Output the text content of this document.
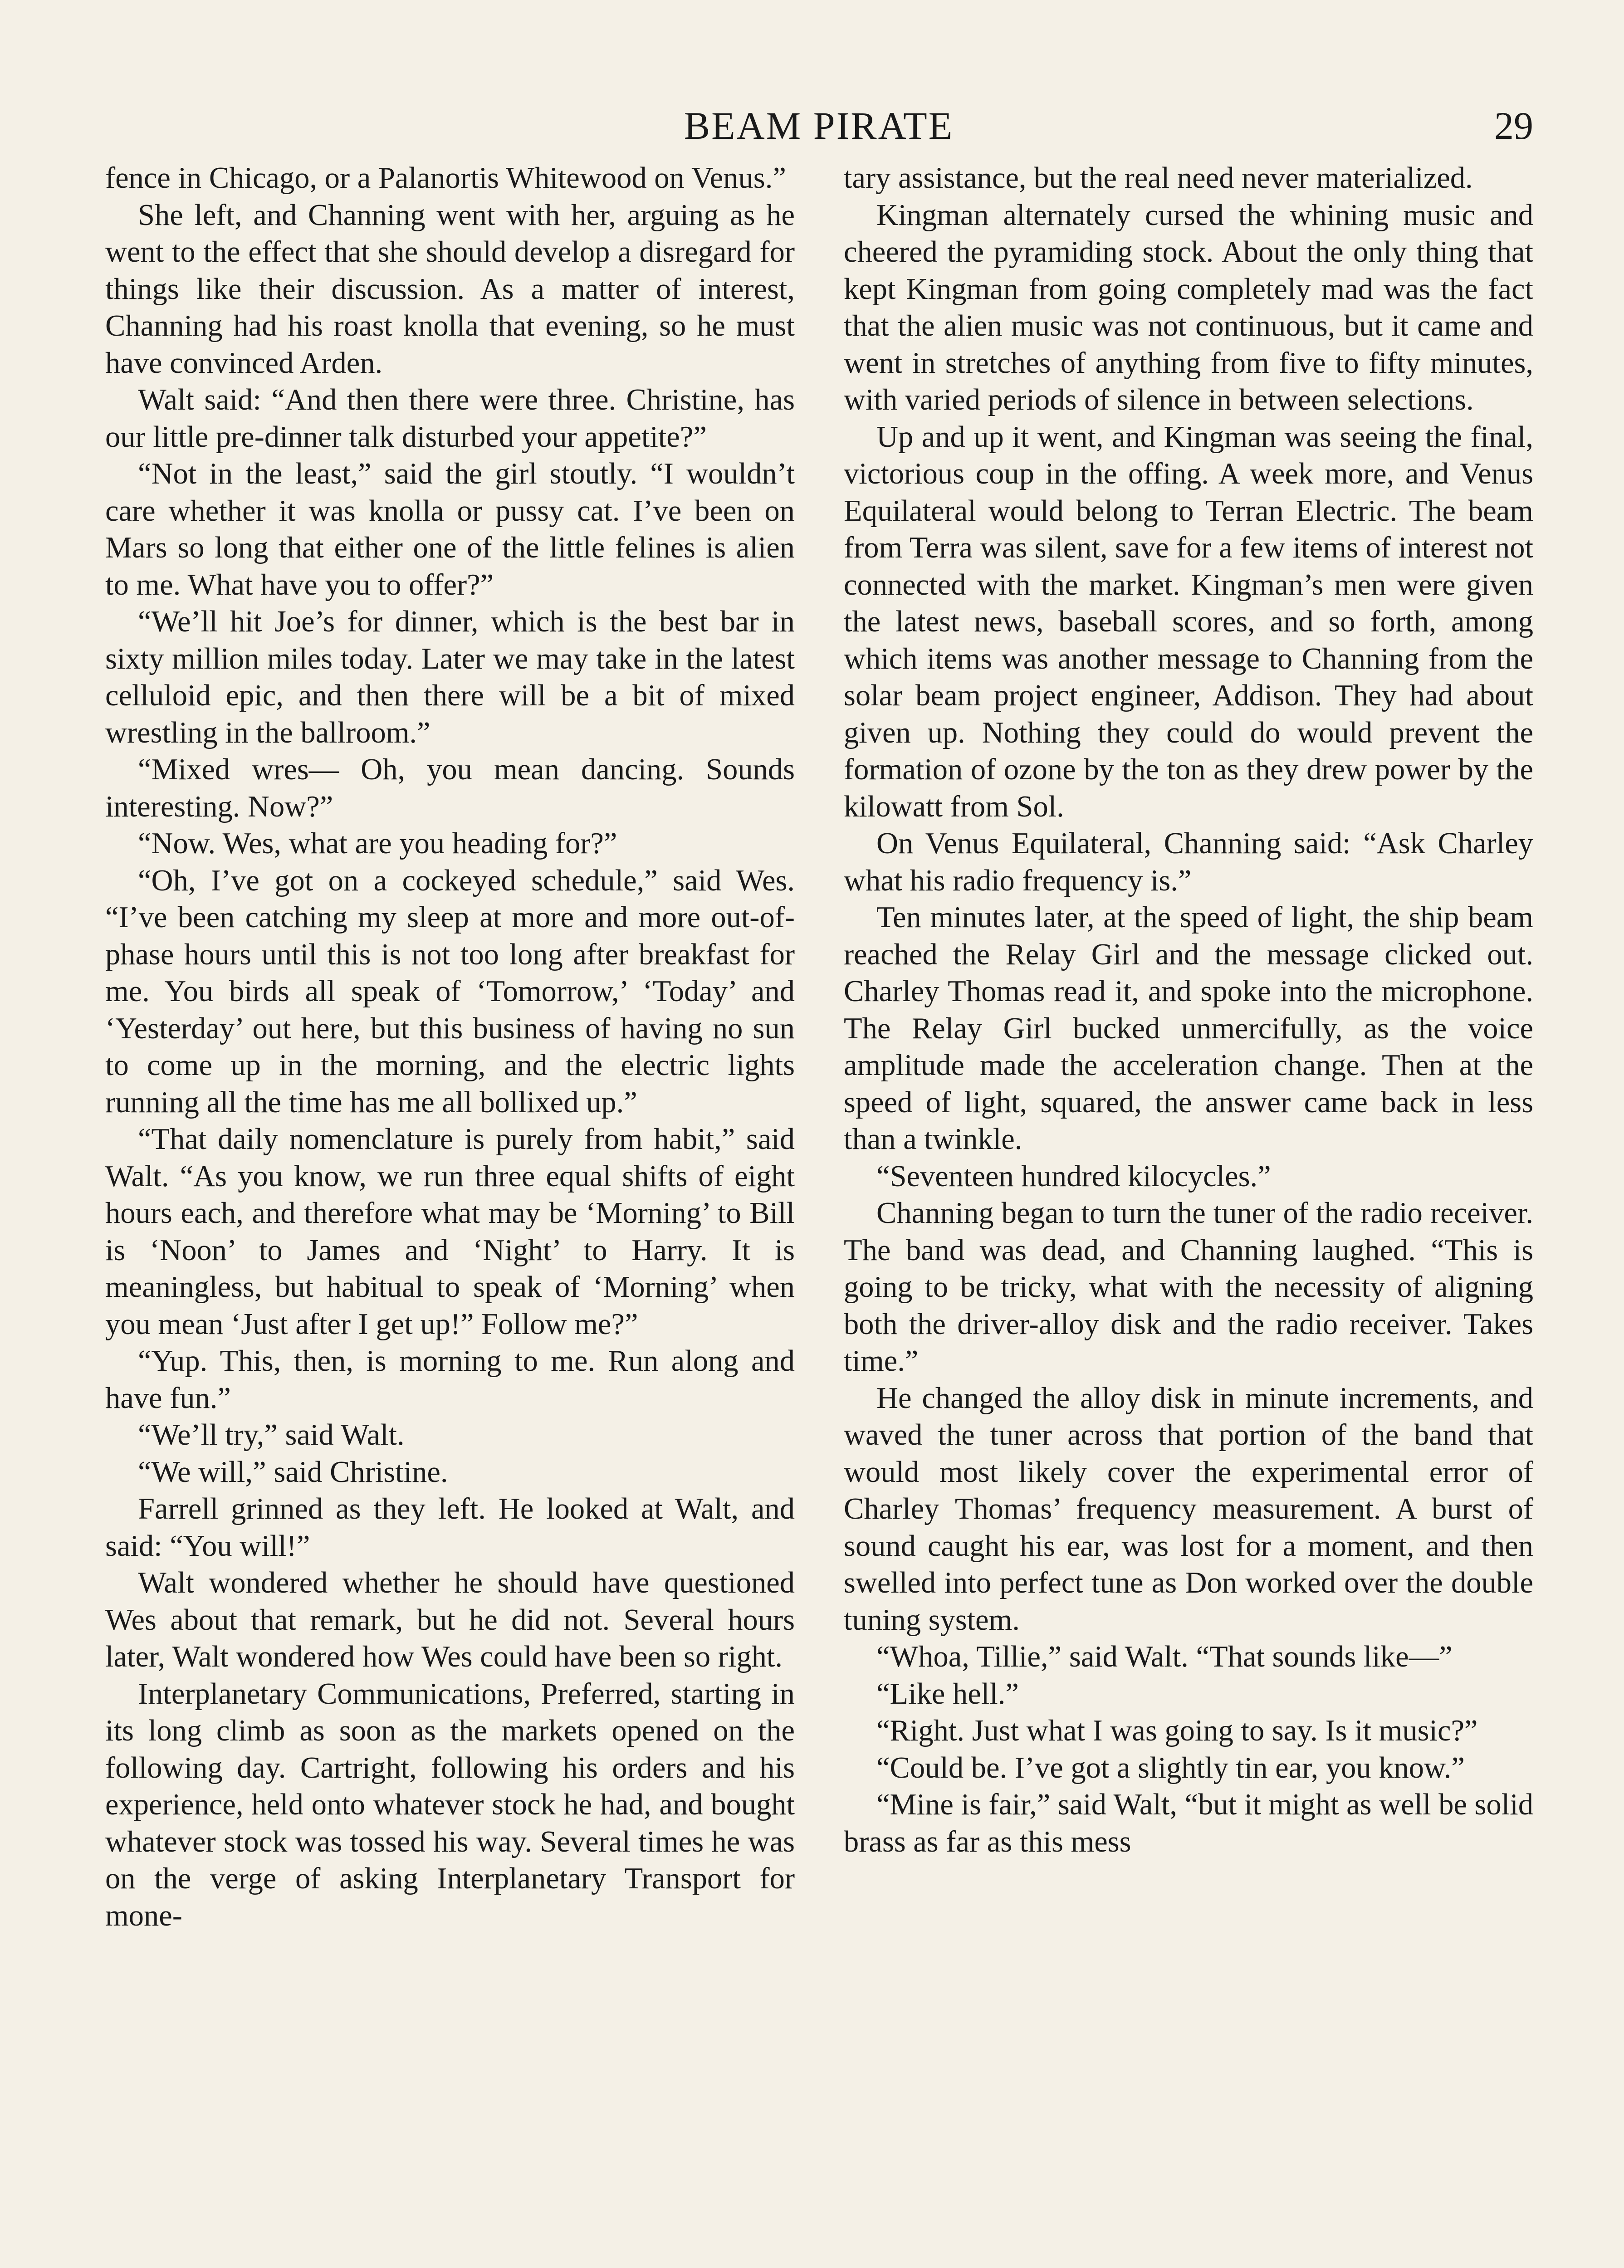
BEAM PIRATE	29

fence in Chicago, or a Palanortis Whitewood on Venus.”

She left, and Channing went with her, arguing as he went to the effect that she should develop a disregard for things like their discussion. As a matter of interest, Channing had his roast knolla that evening, so he must have convinced Arden.

Walt said: “And then there were three. Christine, has our little pre-dinner talk disturbed your appetite?”

“Not in the least,” said the girl stoutly. “I wouldn’t care whether it was knolla or pussy cat. I’ve been on Mars so long that either one of the little felines is alien to me. What have you to offer?”

“We’ll hit Joe’s for dinner, which is the best bar in sixty million miles today. Later we may take in the latest celluloid epic, and then there will be a bit of mixed wrestling in the ballroom.”

“Mixed wres— Oh, you mean dancing. Sounds interesting. Now?”

“Now. Wes, what are you heading for?”

“Oh, I’ve got on a cockeyed schedule,” said Wes. “I’ve been catching my sleep at more and more out-of-phase hours until this is not too long after breakfast for me. You birds all speak of ‘Tomorrow,’ ‘Today’ and ‘Yesterday’ out here, but this business of having no sun to come up in the morning, and the electric lights running all the time has me all bollixed up.”

“That daily nomenclature is purely from habit,” said Walt. “As you know, we run three equal shifts of eight hours each, and therefore what may be ‘Morning’ to Bill is ‘Noon’ to James and ‘Night’ to Harry. It is meaningless, but habitual to speak of ‘Morning’ when you mean ‘Just after I get up!” Follow me?”

“Yup. This, then, is morning to me. Run along and have fun.”

“We’ll try,” said Walt.

“We will,” said Christine.

Farrell grinned as they left. He looked at Walt, and said: “You will!”

Walt wondered whether he should have questioned Wes about that remark, but he did not. Several hours later, Walt wondered how Wes could have been so right.

Interplanetary Communications, Preferred, starting in its long climb as soon as the markets opened on the following day. Cartright, following his orders and his experience, held onto whatever stock he had, and bought whatever stock was tossed his way. Several times he was on the verge of asking Interplanetary Transport for mone-

tary assistance, but the real need never materialized.

Kingman alternately cursed the whining music and cheered the pyramiding stock. About the only thing that kept Kingman from going completely mad was the fact that the alien music was not continuous, but it came and went in stretches of anything from five to fifty minutes, with varied periods of silence in between selections.

Up and up it went, and Kingman was seeing the final, victorious coup in the offing. A week more, and Venus Equilateral would belong to Terran Electric. The beam from Terra was silent, save for a few items of interest not connected with the market. Kingman’s men were given the latest news, baseball scores, and so forth, among which items was another message to Channing from the solar beam project engineer, Addison. They had about given up. Nothing they could do would prevent the formation of ozone by the ton as they drew power by the kilowatt from Sol.

On Venus Equilateral, Channing said: “Ask Charley what his radio frequency is.”

Ten minutes later, at the speed of light, the ship beam reached the Relay Girl and the message clicked out. Charley Thomas read it, and spoke into the microphone. The Relay Girl bucked unmercifully, as the voice amplitude made the acceleration change. Then at the speed of light, squared, the answer came back in less than a twinkle.

“Seventeen hundred kilocycles.”

Channing began to turn the tuner of the radio receiver. The band was dead, and Channing laughed. “This is going to be tricky, what with the necessity of aligning both the driver-alloy disk and the radio receiver. Takes time.”

He changed the alloy disk in minute increments, and waved the tuner across that portion of the band that would most likely cover the experimental error of Charley Thomas’ frequency measurement. A burst of sound caught his ear, was lost for a moment, and then swelled into perfect tune as Don worked over the double tuning system.

“Whoa, Tillie,” said Walt. “That sounds like—”

“Like hell.”

“Right. Just what I was going to say. Is it music?”

“Could be. I’ve got a slightly tin ear, you know.”

“Mine is fair,” said Walt, “but it might as well be solid brass as far as this mess
